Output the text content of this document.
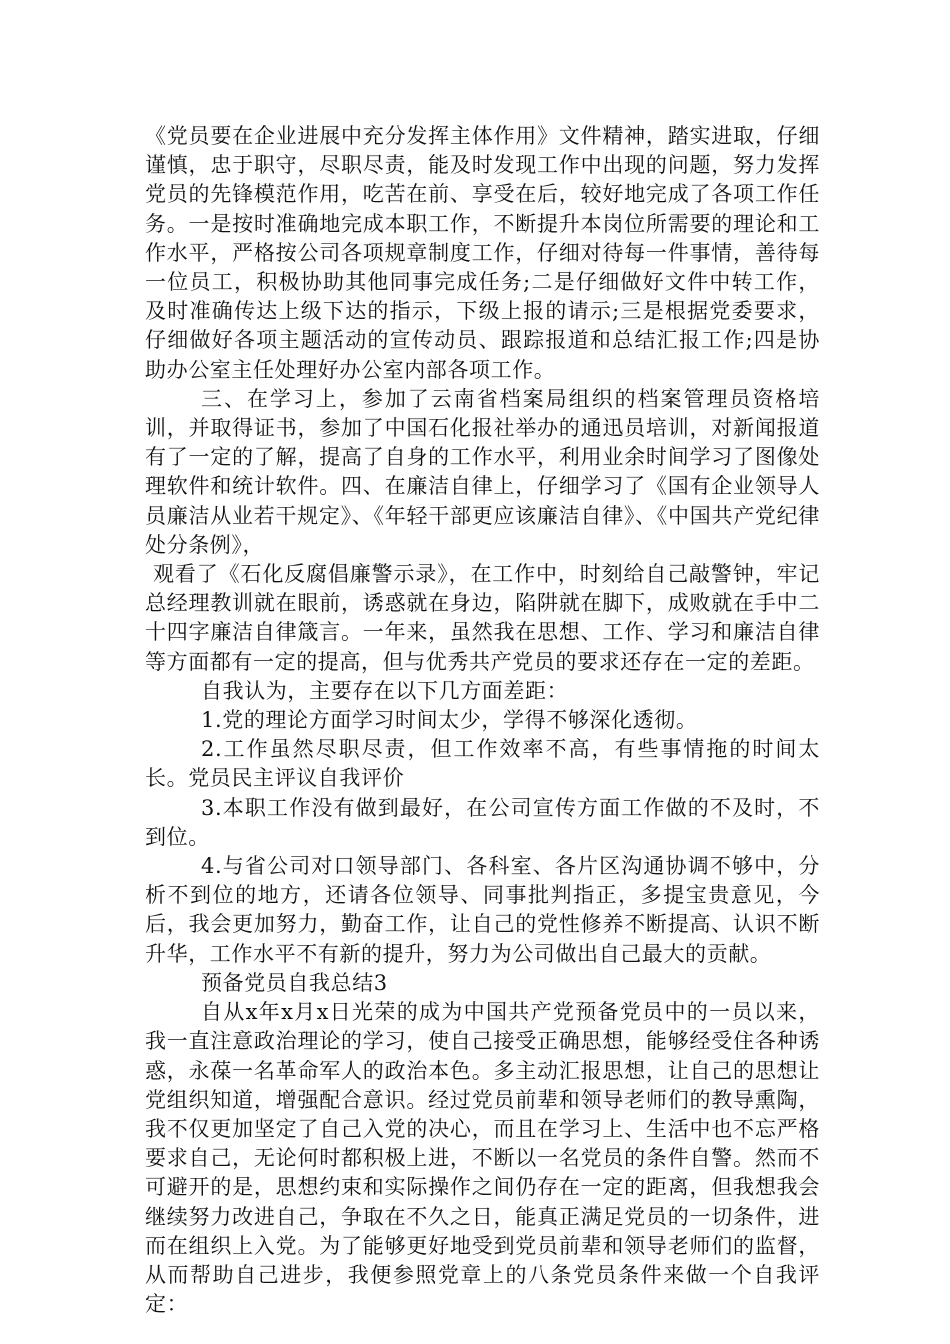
《党员要在企业进展中充分发挥主体作用》文件精神，踏实进取，仔细谨慎，忠于职守，尽职尽责，能及时发现工作中出现的问题，努力发挥党员的先锋模范作用，吃苦在前、享受在后，较好地完成了各项工作任务。一是按时准确地完成本职工作，不断提升本岗位所需要的理论和工作水平，严格按公司各项规章制度工作，仔细对待每一件事情，善待每一位员工，积极协助其他同事完成任务;二是仔细做好文件中转工作，及时准确传达上级下达的指示，下级上报的请示;三是根据党委要求，仔细做好各项主题活动的宣传动员、跟踪报道和总结汇报工作;四是协助办公室主任处理好办公室内部各项工作。

三、在学习上，参加了云南省档案局组织的档案管理员资格培训，并取得证书，参加了中国石化报社举办的通迅员培训，对新闻报道有了一定的了解，提高了自身的工作水平，利用业余时间学习了图像处理软件和统计软件。四、在廉洁自律上，仔细学习了《国有企业领导人员廉洁从业若干规定》、《年轻干部更应该廉洁自律》、《中国共产党纪律处分条例》，

观看了《石化反腐倡廉警示录》，在工作中，时刻给自己敲警钟，牢记总经理教训就在眼前，诱惑就在身边，陷阱就在脚下，成败就在手中二十四字廉洁自律箴言。一年来，虽然我在思想、工作、学习和廉洁自律等方面都有一定的提高，但与优秀共产党员的要求还存在一定的差距。

自我认为，主要存在以下几方面差距：

1.党的理论方面学习时间太少，学得不够深化透彻。

2.工作虽然尽职尽责，但工作效率不高，有些事情拖的时间太长。党员民主评议自我评价

3.本职工作没有做到最好，在公司宣传方面工作做的不及时，不到位。

4.与省公司对口领导部门、各科室、各片区沟通协调不够中，分析不到位的地方，还请各位领导、同事批判指正，多提宝贵意见，今后，我会更加努力，勤奋工作，让自己的党性修养不断提高、认识不断升华，工作水平不有新的提升，努力为公司做出自己最大的贡献。

预备党员自我总结3

自从x年x月x日光荣的成为中国共产党预备党员中的一员以来，我一直注意政治理论的学习，使自己接受正确思想，能够经受住各种诱惑，永葆一名革命军人的政治本色。多主动汇报思想，让自己的思想让党组织知道，增强配合意识。经过党员前辈和领导老师们的教导熏陶，我不仅更加坚定了自己入党的决心，而且在学习上、生活中也不忘严格要求自己，无论何时都积极上进，不断以一名党员的条件自警。然而不可避开的是，思想约束和实际操作之间仍存在一定的距离，但我想我会继续努力改进自己，争取在不久之日，能真正满足党员的一切条件，进而在组织上入党。为了能够更好地受到党员前辈和领导老师们的监督，从而帮助自己进步，我便参照党章上的八条党员条件来做一个自我评定：
